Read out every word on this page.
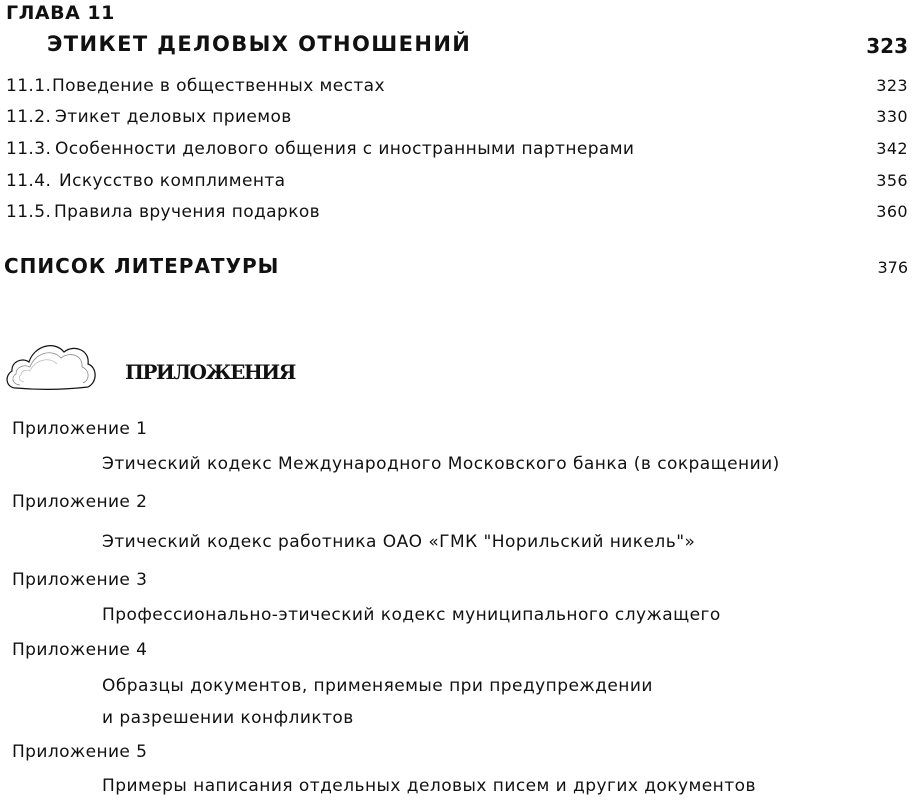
ГЛАВА 11
ЭТИКЕТ ДЕЛОВЫХ ОТНОШЕНИЙ	323
11.1. Поведение в общественных местах	323
11.2. Этикет деловых приемов	330
11.3. Особенности делового общения с иностранными партнерами	342
11.4. Искусство комплимента	356
11.5. Правила вручения подарков	360
СПИСОК ЛИТЕРАТУРЫ	376
ПРИЛОЖЕНИЯ
Приложение 1
Этический кодекс Международного Московского банка (в сокращении)
Приложение 2
Этический кодекс работника ОАО «ГМК "Норильский никель"»
Приложение 3
Профессионально-этический кодекс муниципального служащего
Приложение 4
Образцы документов, применяемые при предупреждении
и разрешении конфликтов
Приложение 5
Примеры написания отдельных деловых писем и других документов
